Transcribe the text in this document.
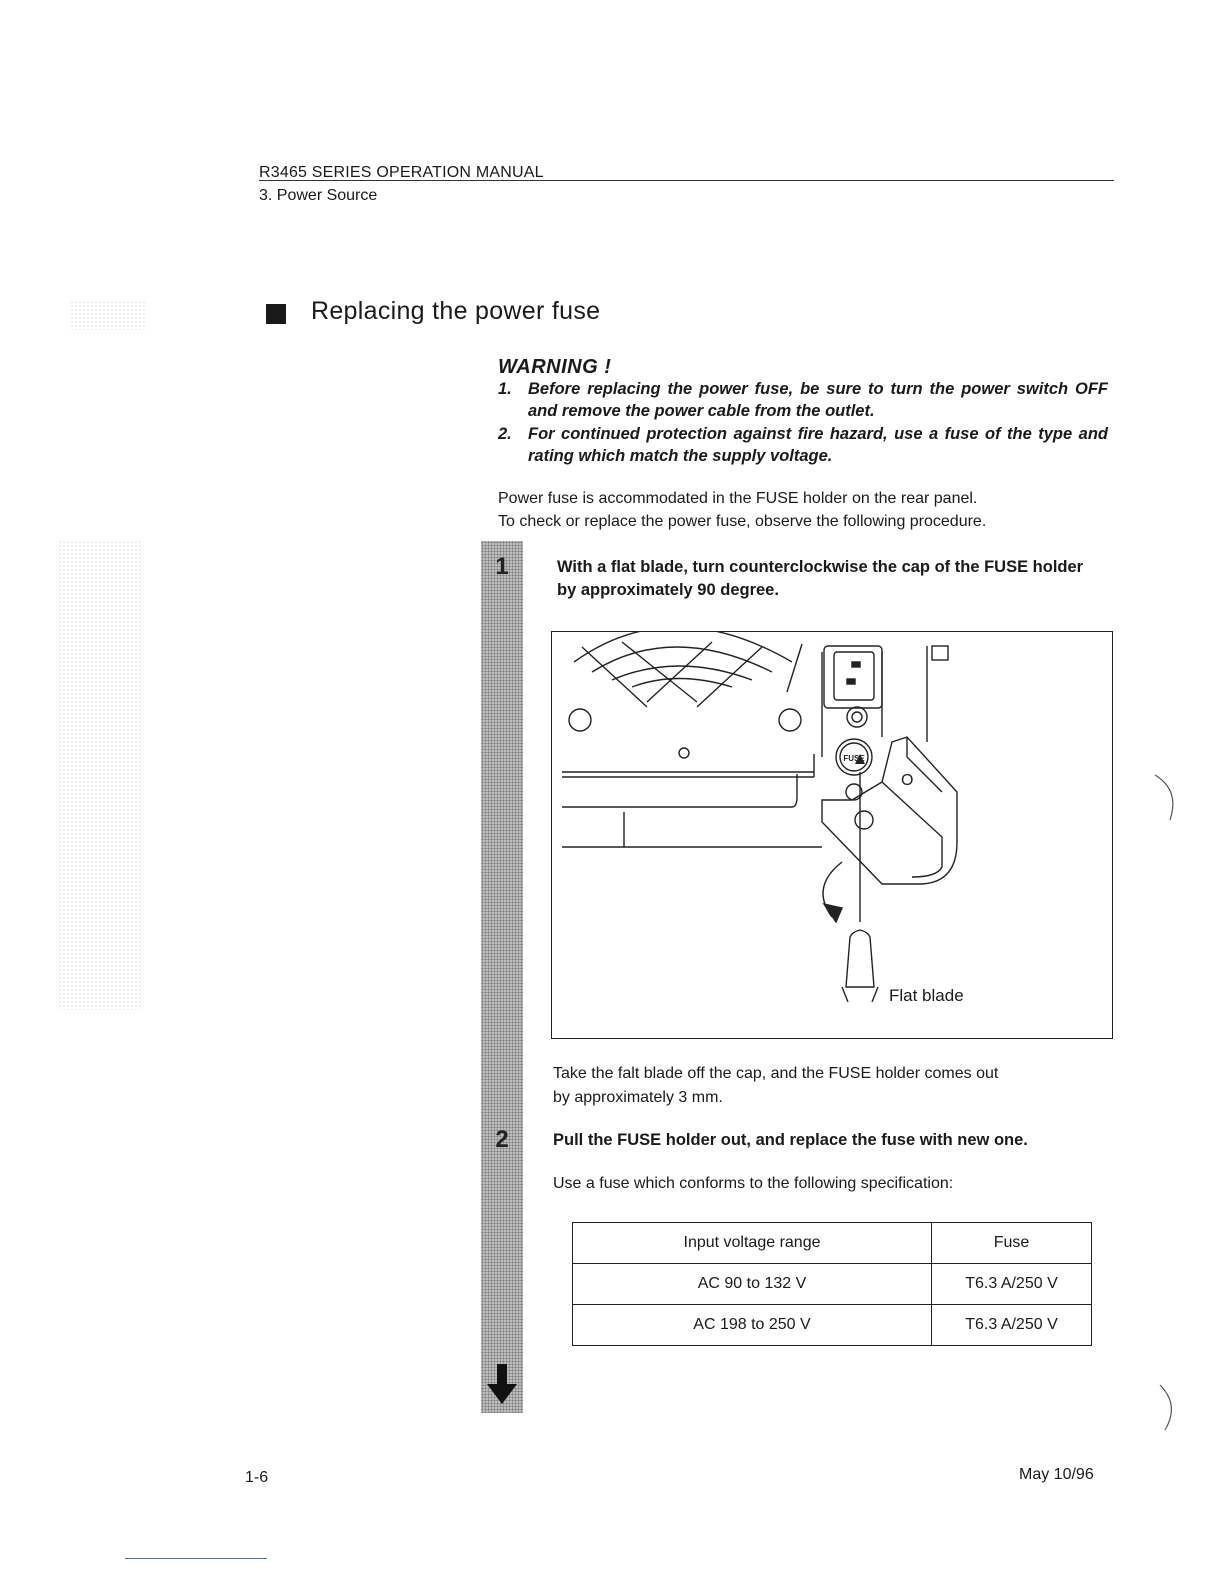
R3465 SERIES OPERATION MANUAL
3. Power Source
Replacing the power fuse
WARNING !
1. Before replacing the power fuse, be sure to turn the power switch OFF and remove the power cable from the outlet.
2. For continued protection against fire hazard, use a fuse of the type and rating which match the supply voltage.
Power fuse is accommodated in the FUSE holder on the rear panel.
To check or replace the power fuse, observe the following procedure.
1
2
With a flat blade, turn counterclockwise the cap of the FUSE holder by approximately 90 degree.
FUSE
O
Flat blade
Take the falt blade off the cap, and the FUSE holder comes out
by approximately 3 mm.
Pull the FUSE holder out, and replace the fuse with new one.
Use a fuse which conforms to the following specification:
Input voltage range	Fuse
AC 90 to 132 V	T6.3 A/250 V
AC 198 to 250 V	T6.3 A/250 V
1-6	May 10/96
